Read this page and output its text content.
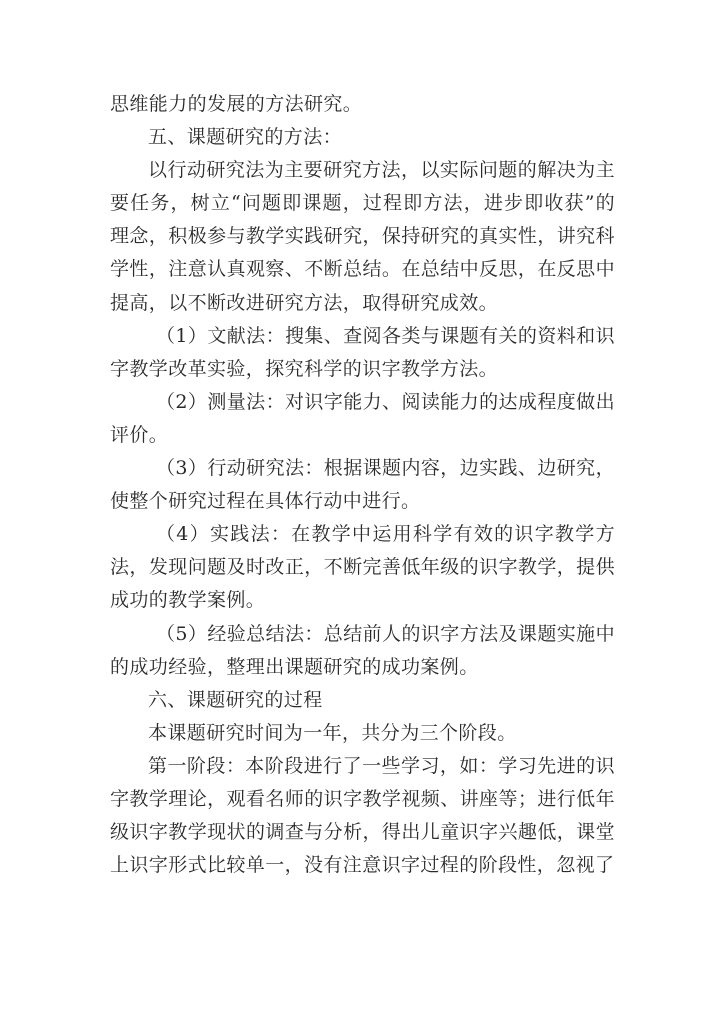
思维能力的发展的方法研究。

五、课题研究的方法：

以行动研究法为主要研究方法，以实际问题的解决为主要任务，树立“问题即课题，过程即方法，进步即收获”的理念，积极参与教学实践研究，保持研究的真实性，讲究科学性，注意认真观察、不断总结。在总结中反思，在反思中提高，以不断改进研究方法，取得研究成效。

（1）文献法：搜集、查阅各类与课题有关的资料和识字教学改革实验，探究科学的识字教学方法。

（2）测量法：对识字能力、阅读能力的达成程度做出评价。

（3）行动研究法：根据课题内容，边实践、边研究，使整个研究过程在具体行动中进行。

（4）实践法：在教学中运用科学有效的识字教学方法，发现问题及时改正，不断完善低年级的识字教学，提供成功的教学案例。

（5）经验总结法：总结前人的识字方法及课题实施中的成功经验，整理出课题研究的成功案例。

六、课题研究的过程

本课题研究时间为一年，共分为三个阶段。

第一阶段：本阶段进行了一些学习，如：学习先进的识字教学理论，观看名师的识字教学视频、讲座等；进行低年级识字教学现状的调查与分析，得出儿童识字兴趣低，课堂上识字形式比较单一，没有注意识字过程的阶段性，忽视了
